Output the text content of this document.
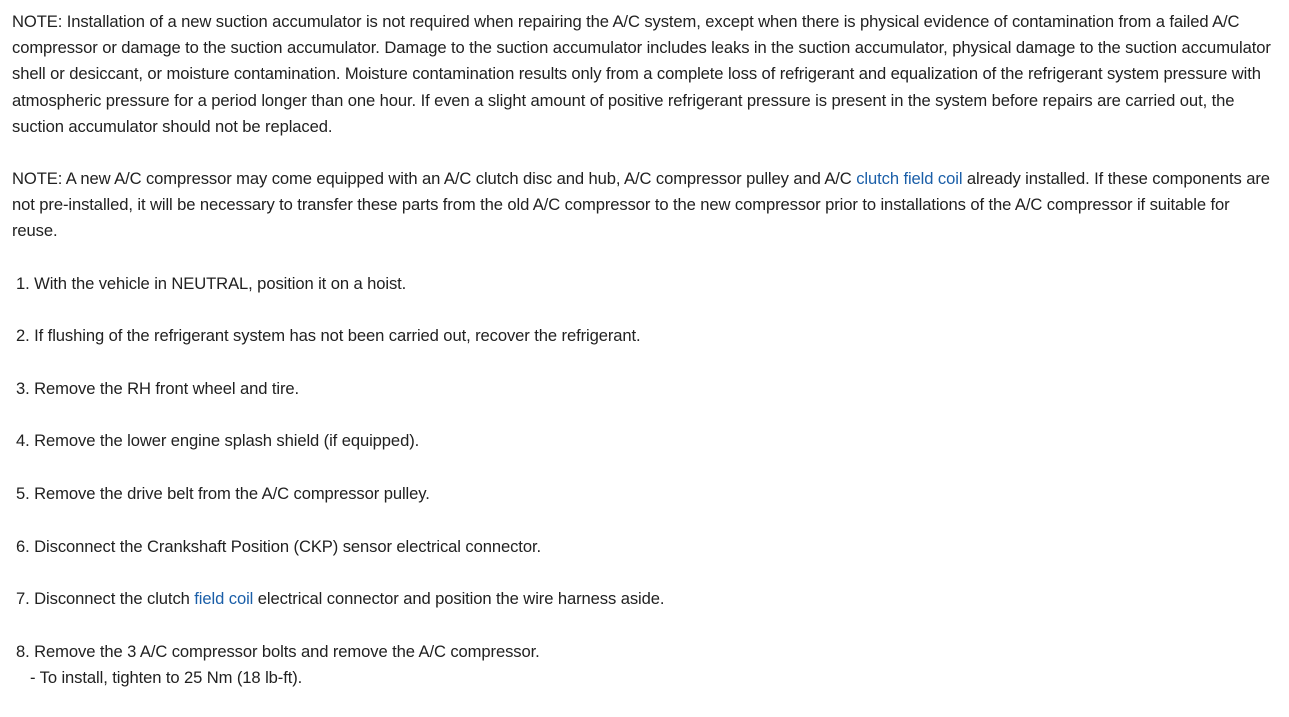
NOTE: Installation of a new suction accumulator is not required when repairing the A/C system, except when there is physical evidence of contamination from a failed A/C compressor or damage to the suction accumulator. Damage to the suction accumulator includes leaks in the suction accumulator, physical damage to the suction accumulator shell or desiccant, or moisture contamination. Moisture contamination results only from a complete loss of refrigerant and equalization of the refrigerant system pressure with atmospheric pressure for a period longer than one hour. If even a slight amount of positive refrigerant pressure is present in the system before repairs are carried out, the suction accumulator should not be replaced.

NOTE: A new A/C compressor may come equipped with an A/C clutch disc and hub, A/C compressor pulley and A/C clutch field coil already installed. If these components are not pre-installed, it will be necessary to transfer these parts from the old A/C compressor to the new compressor prior to installations of the A/C compressor if suitable for reuse.

1. With the vehicle in NEUTRAL, position it on a hoist.
2. If flushing of the refrigerant system has not been carried out, recover the refrigerant.
3. Remove the RH front wheel and tire.
4. Remove the lower engine splash shield (if equipped).
5. Remove the drive belt from the A/C compressor pulley.
6. Disconnect the Crankshaft Position (CKP) sensor electrical connector.
7. Disconnect the clutch field coil electrical connector and position the wire harness aside.
8. Remove the 3 A/C compressor bolts and remove the A/C compressor.
- To install, tighten to 25 Nm (18 lb-ft).
